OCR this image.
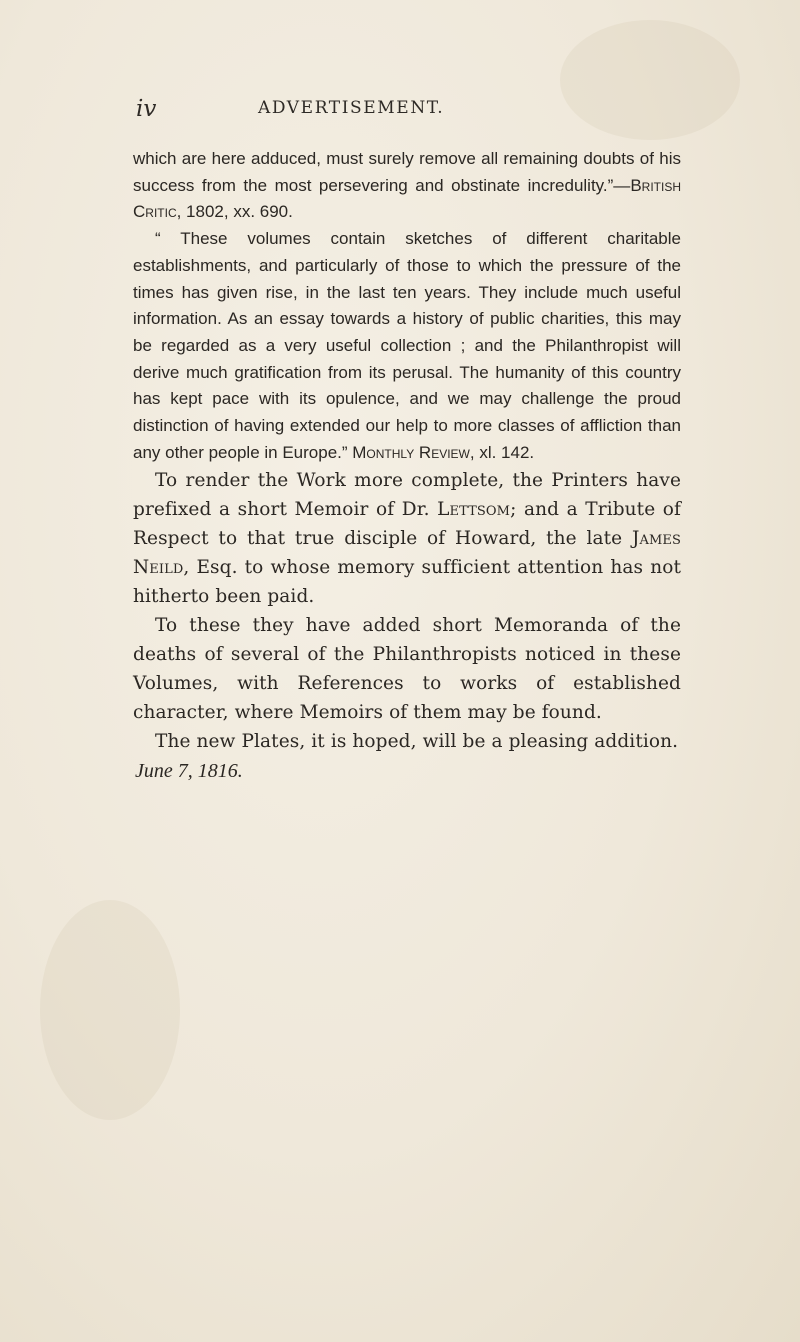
iv	ADVERTISEMENT.

which are here adduced, must surely remove all remaining doubts of his success from the most persevering and obstinate incredulity.”—British Critic, 1802, xx. 690.

“ These volumes contain sketches of different charitable establishments, and particularly of those to which the pressure of the times has given rise, in the last ten years. They include much useful information. As an essay towards a history of public charities, this may be regarded as a very useful collection ; and the Philanthropist will derive much gratification from its perusal. The humanity of this country has kept pace with its opulence, and we may challenge the proud distinction of having extended our help to more classes of affliction than any other people in Europe.” Monthly Review, xl. 142.

To render the Work more complete, the Printers have prefixed a short Memoir of Dr. Lettsom; and a Tribute of Respect to that true disciple of Howard, the late James Neild, Esq. to whose memory sufficient attention has not hitherto been paid.

To these they have added short Memoranda of the deaths of several of the Philanthropists noticed in these Volumes, with References to works of established character, where Memoirs of them may be found.

The new Plates, it is hoped, will be a pleasing addition.

June 7, 1816.
